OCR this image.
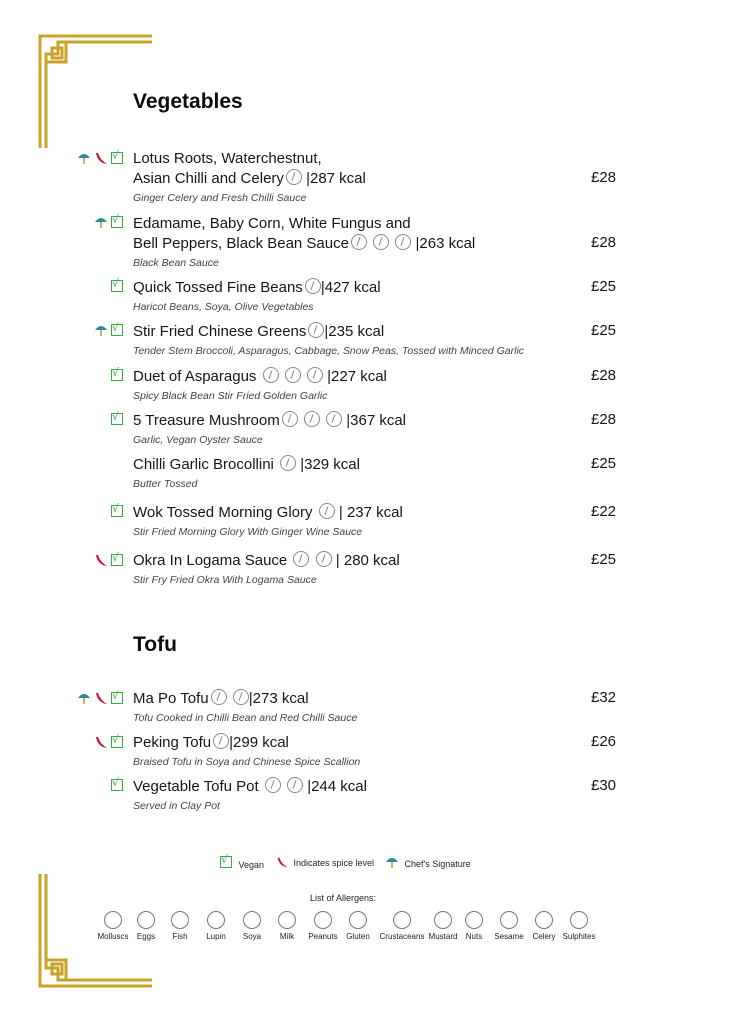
Vegetables
√
Lotus Roots, Waterchestnut,
Asian Chilli and Celery |287 kcal	£28
Ginger Celery and Fresh Chilli Sauce
√
Edamame, Baby Corn, White Fungus and
Bell Peppers, Black Bean Sauce	|263 kcal	£28
Black Bean Sauce
√
Quick Tossed Fine Beans |427 kcal	£25
Haricot Beans, Soya, Olive Vegetables
√
Stir Fried Chinese Greens |235 kcal	£25
Tender Stem Broccoli, Asparagus, Cabbage, Snow Peas, Tossed with Minced Garlic
√
Duet of Asparagus	|227 kcal	£28
Spicy Black Bean Stir Fried Golden Garlic
√
5 Treasure Mushroom	|367 kcal	£28
Garlic, Vegan Oyster Sauce
Chilli Garlic Brocollini |329 kcal	£25
Butter Tossed
√
Wok Tossed Morning Glory | 237 kcal	£22
Stir Fried Morning Glory With Ginger Wine Sauce
√
Okra In Logama Sauce	| 280 kcal	£25
Stir Fry Fried Okra With Logama Sauce
Tofu
√
Ma Po Tofu	|273 kcal	£32
Tofu Cooked in Chilli Bean and Red Chilli Sauce
√
Peking Tofu |299 kcal	£26
Braised Tofu in Soya and Chinese Spice Scallion
√
Vegetable Tofu Pot	|244 kcal	£30
Served in Clay Pot
√ Vegan	Indicates spice level	Chef's Signature
List of Allergens:
Molluscs	Eggs	Fish	Lupin	Soya	Milk	Peanuts	Gluten	Crustaceans Mustard	Nuts	Sesame	Celery Sulphites
